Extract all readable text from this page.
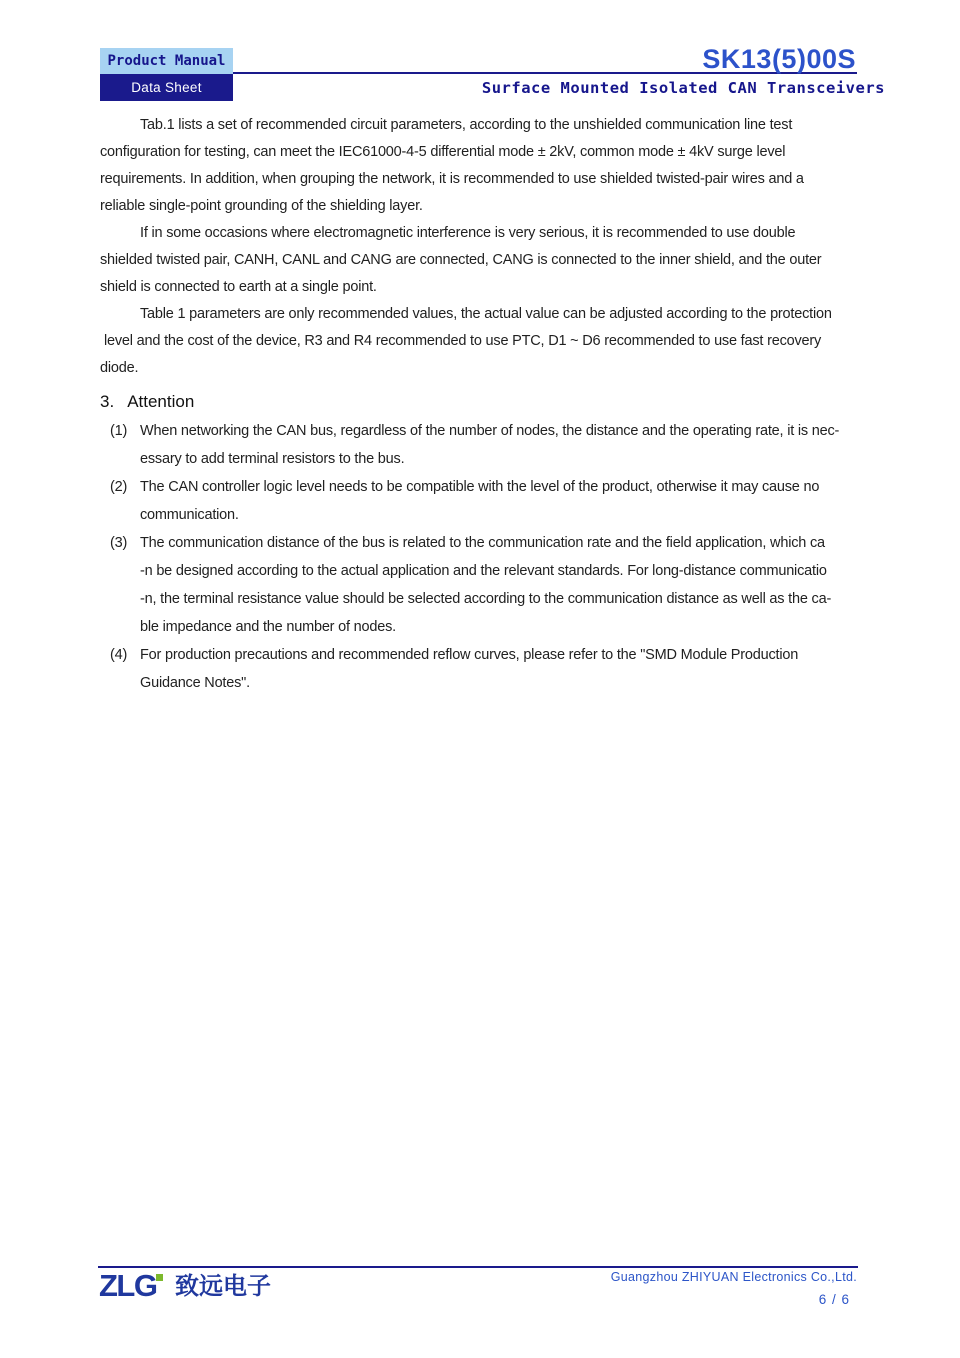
Product Manual
Data Sheet
SK13(5)00S
Surface Mounted Isolated CAN Transceivers
Tab.1 lists a set of recommended circuit parameters, according to the unshielded communication line test
configuration for testing, can meet the IEC61000-4-5 differential mode ± 2kV, common mode ± 4kV surge level
requirements. In addition, when grouping the network, it is recommended to use shielded twisted-pair wires and a
reliable single-point grounding of the shielding layer.
If in some occasions where electromagnetic interference is very serious, it is recommended to use double
shielded twisted pair, CANH, CANL and CANG are connected, CANG is connected to the inner shield, and the outer
shield is connected to earth at a single point.
Table 1 parameters are only recommended values, the actual value can be adjusted according to the protection
level and the cost of the device, R3 and R4 recommended to use PTC, D1 ~ D6 recommended to use fast recovery
diode.
3. Attention
(1) When networking the CAN bus, regardless of the number of nodes, the distance and the operating rate, it is nec-
essary to add terminal resistors to the bus.
(2) The CAN controller logic level needs to be compatible with the level of the product, otherwise it may cause no
communication.
(3) The communication distance of the bus is related to the communication rate and the field application, which ca
-n be designed according to the actual application and the relevant standards. For long-distance communicatio
-n, the terminal resistance value should be selected according to the communication distance as well as the ca-
ble impedance and the number of nodes.
(4) For production precautions and recommended reflow curves, please refer to the "SMD Module Production
Guidance Notes".
ZLG 致远电子	Guangzhou ZHIYUAN Electronics Co.,Ltd.
6 / 6
